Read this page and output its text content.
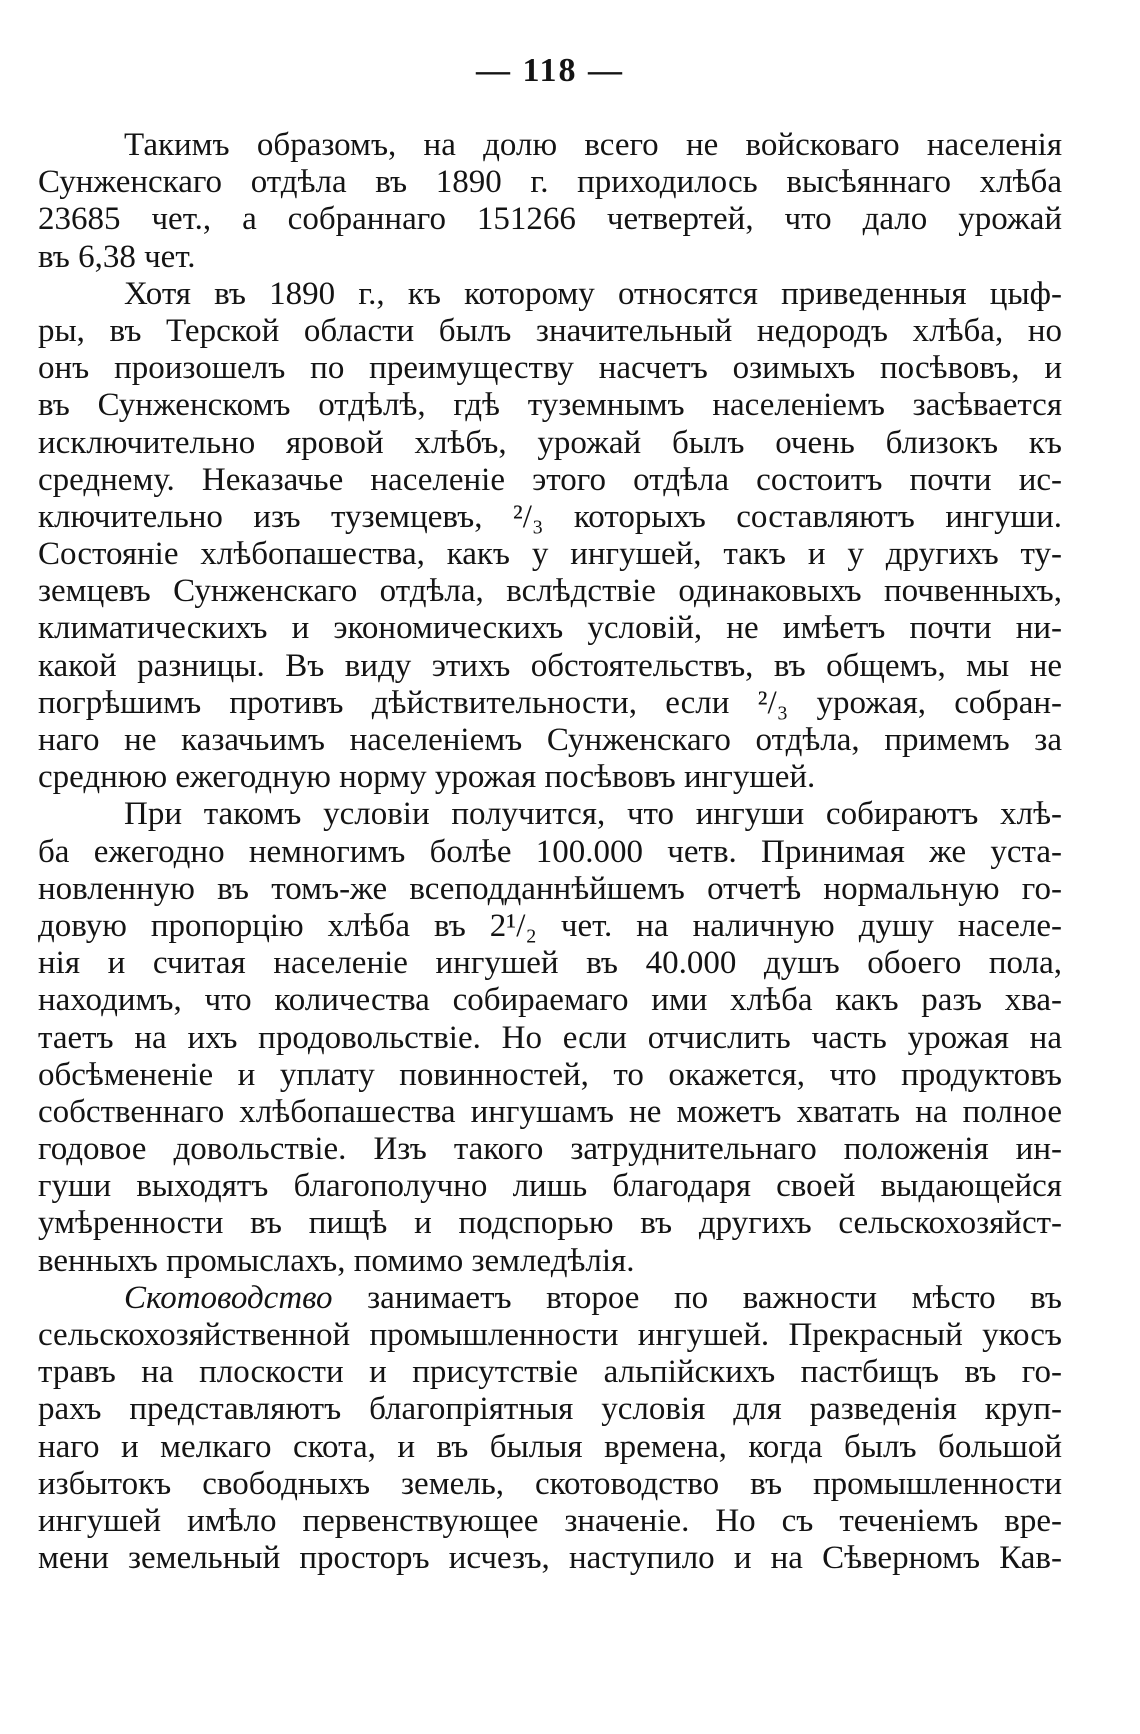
— 118 —
Такимъ образомъ, на долю всего не войсковаго населенія
Сунженскаго отдѣла въ 1890 г. приходилось высѣяннаго хлѣба
23685 чет., а собраннаго 151266 четвертей, что дало урожай
въ 6,38 чет.
Хотя въ 1890 г., къ которому относятся приведенныя цыф-
ры, въ Терской области былъ значительный недородъ хлѣба, но
онъ произошелъ по преимуществу насчетъ озимыхъ посѣвовъ, и
въ Сунженскомъ отдѣлѣ, гдѣ туземнымъ населеніемъ засѣвается
исключительно яровой хлѣбъ, урожай былъ очень близокъ къ
среднему. Неказачье населеніе этого отдѣла состоитъ почти ис-
ключительно изъ туземцевъ, ²/₃ которыхъ составляютъ ингуши.
Состояніе хлѣбопашества, какъ у ингушей, такъ и у другихъ ту-
земцевъ Сунженскаго отдѣла, вслѣдствіе одинаковыхъ почвенныхъ,
климатическихъ и экономическихъ условій, не имѣетъ почти ни-
какой разницы. Въ виду этихъ обстоятельствъ, въ общемъ, мы не
погрѣшимъ противъ дѣйствительности, если ²/₃ урожая, собран-
наго не казачьимъ населеніемъ Сунженскаго отдѣла, примемъ за
среднюю ежегодную норму урожая посѣвовъ ингушей.
При такомъ условіи получится, что ингуши собираютъ хлѣ-
ба ежегодно немногимъ болѣе 100.000 четв. Принимая же уста-
новленную въ томъ-же всеподданнѣйшемъ отчетѣ нормальную го-
довую пропорцію хлѣба въ 2¹/₂ чет. на наличную душу населе-
нія и считая населеніе ингушей въ 40.000 душъ обоего пола,
находимъ, что количества собираемаго ими хлѣба какъ разъ хва-
таетъ на ихъ продовольствіе. Но если отчислить часть урожая на
обсѣмененіе и уплату повинностей, то окажется, что продуктовъ
собственнаго хлѣбопашества ингушамъ не можетъ хватать на полное
годовое довольствіе. Изъ такого затруднительнаго положенія ин-
гуши выходятъ благополучно лишь благодаря своей выдающейся
умѣренности въ пищѣ и подспорью въ другихъ сельскохозяйст-
венныхъ промыслахъ, помимо земледѣлія.
Скотоводство занимаетъ второе по важности мѣсто въ
сельскохозяйственной промышленности ингушей. Прекрасный укосъ
травъ на плоскости и присутствіе альпійскихъ пастбищъ въ го-
рахъ представляютъ благопріятныя условія для разведенія круп-
наго и мелкаго скота, и въ былыя времена, когда былъ большой
избытокъ свободныхъ земель, скотоводство въ промышленности
ингушей имѣло первенствующее значеніе. Но съ теченіемъ вре-
мени земельный просторъ исчезъ, наступило и на Сѣверномъ Кав-
